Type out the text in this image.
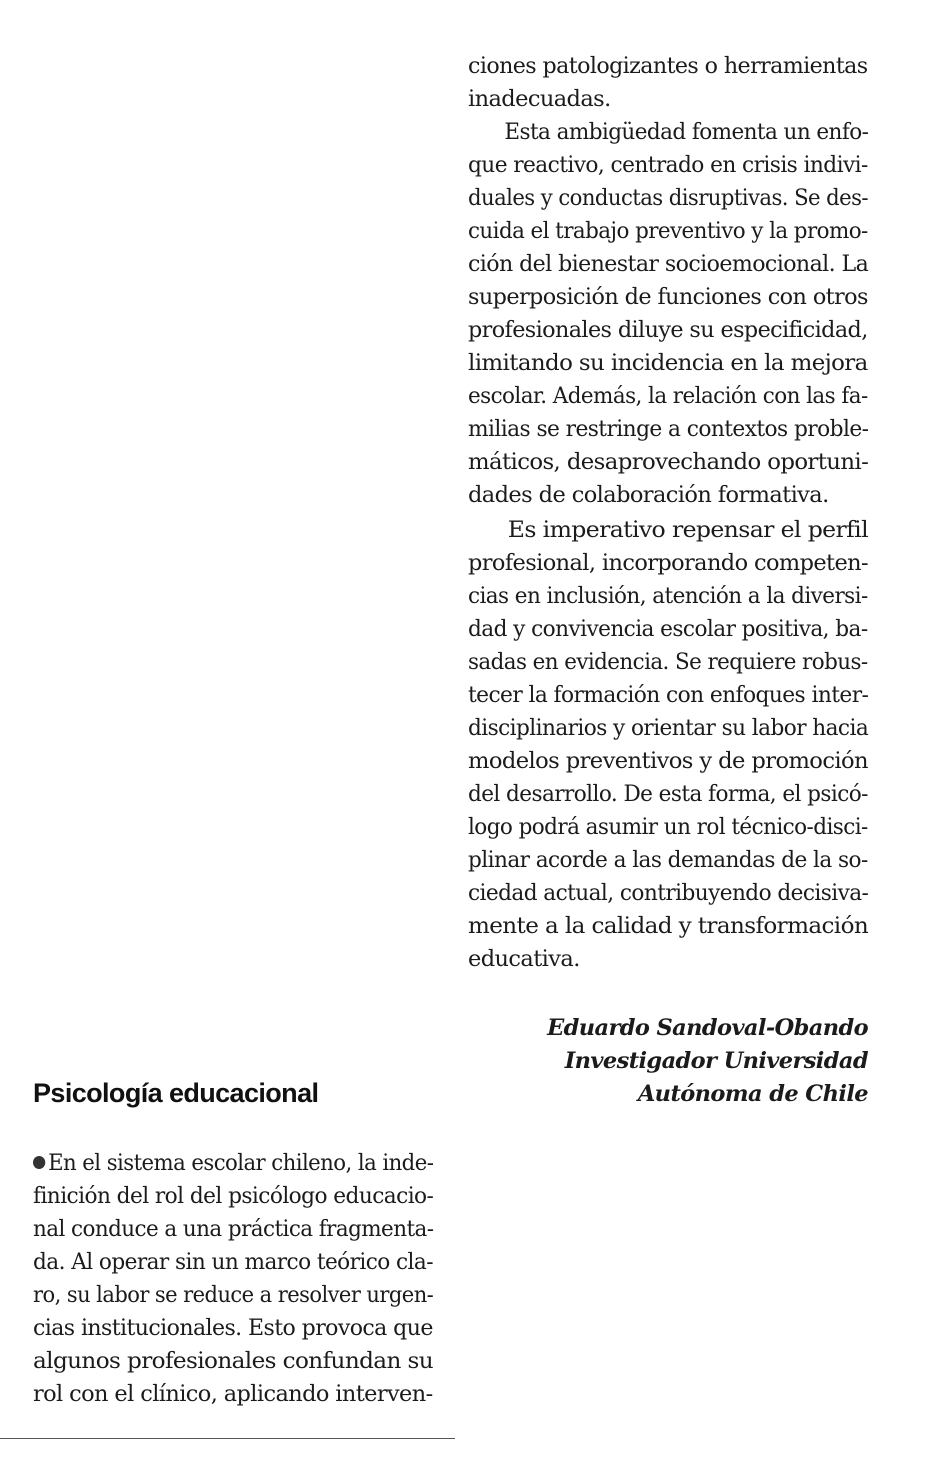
ciones patologizantes o herramientas
inadecuadas.
Esta ambigüedad fomenta un enfo-
que reactivo, centrado en crisis indivi-
duales y conductas disruptivas. Se des-
cuida el trabajo preventivo y la promo-
ción del bienestar socioemocional. La
superposición de funciones con otros
profesionales diluye su especificidad,
limitando su incidencia en la mejora
escolar. Además, la relación con las fa-
milias se restringe a contextos proble-
máticos, desaprovechando oportuni-
dades de colaboración formativa.
Es imperativo repensar el perfil
profesional, incorporando competen-
cias en inclusión, atención a la diversi-
dad y convivencia escolar positiva, ba-
sadas en evidencia. Se requiere robus-
tecer la formación con enfoques inter-
disciplinarios y orientar su labor hacia
modelos preventivos y de promoción
del desarrollo. De esta forma, el psicó-
logo podrá asumir un rol técnico-disci-
plinar acorde a las demandas de la so-
ciedad actual, contribuyendo decisiva-
mente a la calidad y transformación
educativa.
Eduardo Sandoval-Obando
Investigador Universidad
Autónoma de Chile
Psicología educacional
En el sistema escolar chileno, la inde-
finición del rol del psicólogo educacio-
nal conduce a una práctica fragmenta-
da. Al operar sin un marco teórico cla-
ro, su labor se reduce a resolver urgen-
cias institucionales. Esto provoca que
algunos profesionales confundan su
rol con el clínico, aplicando interven-
